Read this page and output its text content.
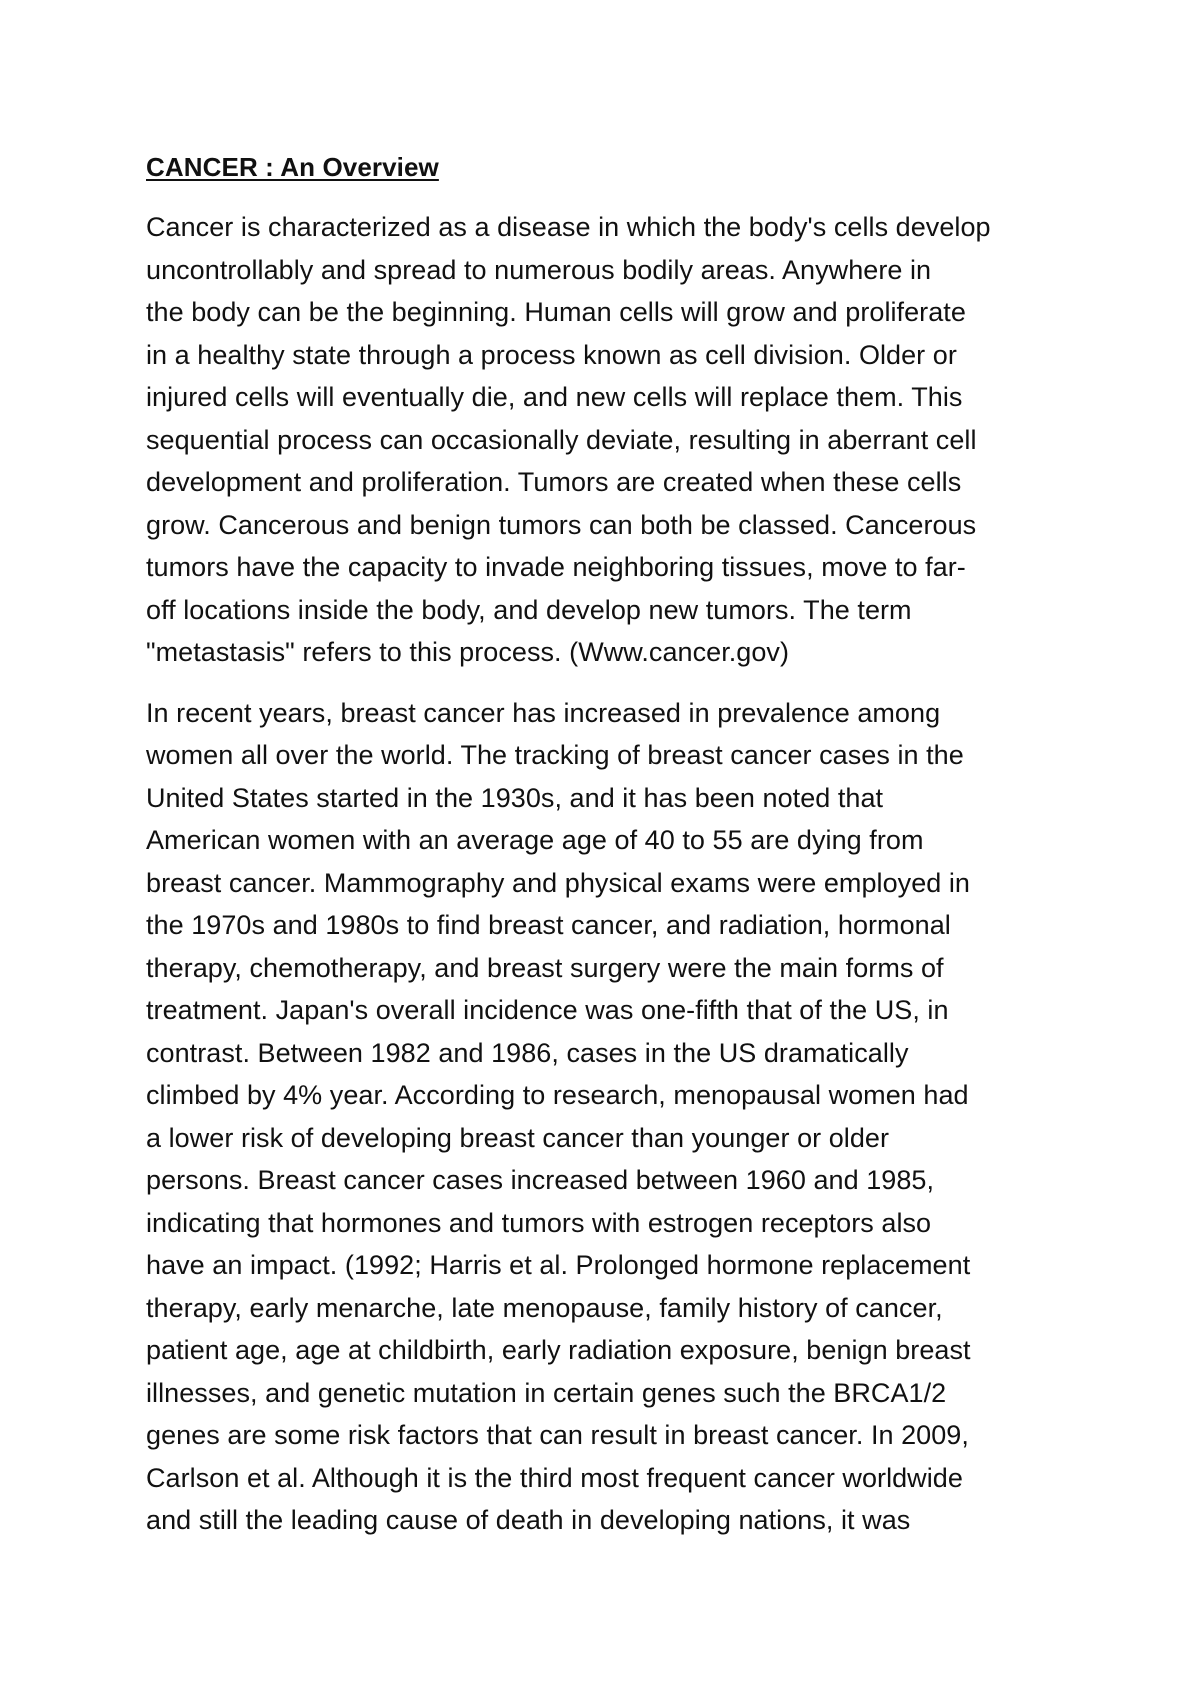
CANCER : An Overview

Cancer is characterized as a disease in which the body's cells develop
uncontrollably and spread to numerous bodily areas. Anywhere in
the body can be the beginning. Human cells will grow and proliferate
in a healthy state through a process known as cell division. Older or
injured cells will eventually die, and new cells will replace them. This
sequential process can occasionally deviate, resulting in aberrant cell
development and proliferation. Tumors are created when these cells
grow. Cancerous and benign tumors can both be classed. Cancerous
tumors have the capacity to invade neighboring tissues, move to far-
off locations inside the body, and develop new tumors. The term
"metastasis" refers to this process. (Www.cancer.gov)

In recent years, breast cancer has increased in prevalence among
women all over the world. The tracking of breast cancer cases in the
United States started in the 1930s, and it has been noted that
American women with an average age of 40 to 55 are dying from
breast cancer. Mammography and physical exams were employed in
the 1970s and 1980s to find breast cancer, and radiation, hormonal
therapy, chemotherapy, and breast surgery were the main forms of
treatment. Japan's overall incidence was one-fifth that of the US, in
contrast. Between 1982 and 1986, cases in the US dramatically
climbed by 4% year. According to research, menopausal women had
a lower risk of developing breast cancer than younger or older
persons. Breast cancer cases increased between 1960 and 1985,
indicating that hormones and tumors with estrogen receptors also
have an impact. (1992; Harris et al. Prolonged hormone replacement
therapy, early menarche, late menopause, family history of cancer,
patient age, age at childbirth, early radiation exposure, benign breast
illnesses, and genetic mutation in certain genes such the BRCA1/2
genes are some risk factors that can result in breast cancer. In 2009,
Carlson et al. Although it is the third most frequent cancer worldwide
and still the leading cause of death in developing nations, it was
